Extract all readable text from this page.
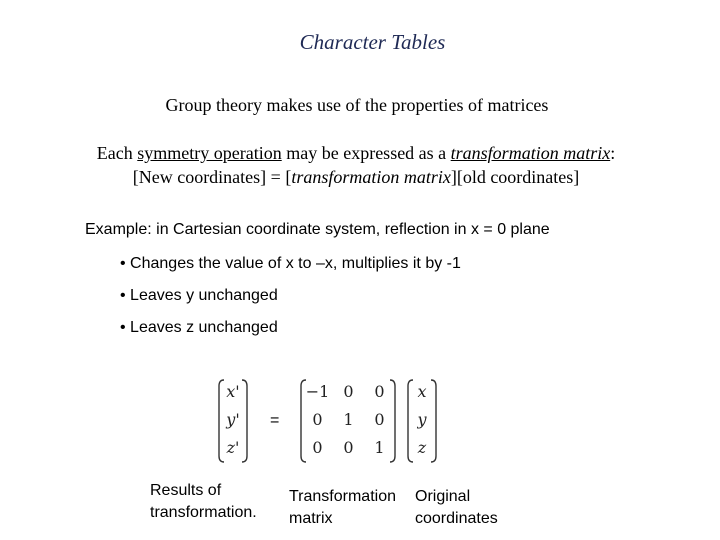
Character Tables
Group theory makes use of the properties of matrices
Each symmetry operation may be expressed as a transformation matrix:
[New coordinates] = [transformation matrix][old coordinates]
Example: in Cartesian coordinate system, reflection in x = 0 plane
• Changes the value of x to –x, multiplies it by -1
• Leaves y unchanged
• Leaves z unchanged
x'
y'
z'
=
−1 0	0
0	1	0
0	0	1
x
y
z
Results of
transformation.
Transformation
matrix
Original
coordinates
